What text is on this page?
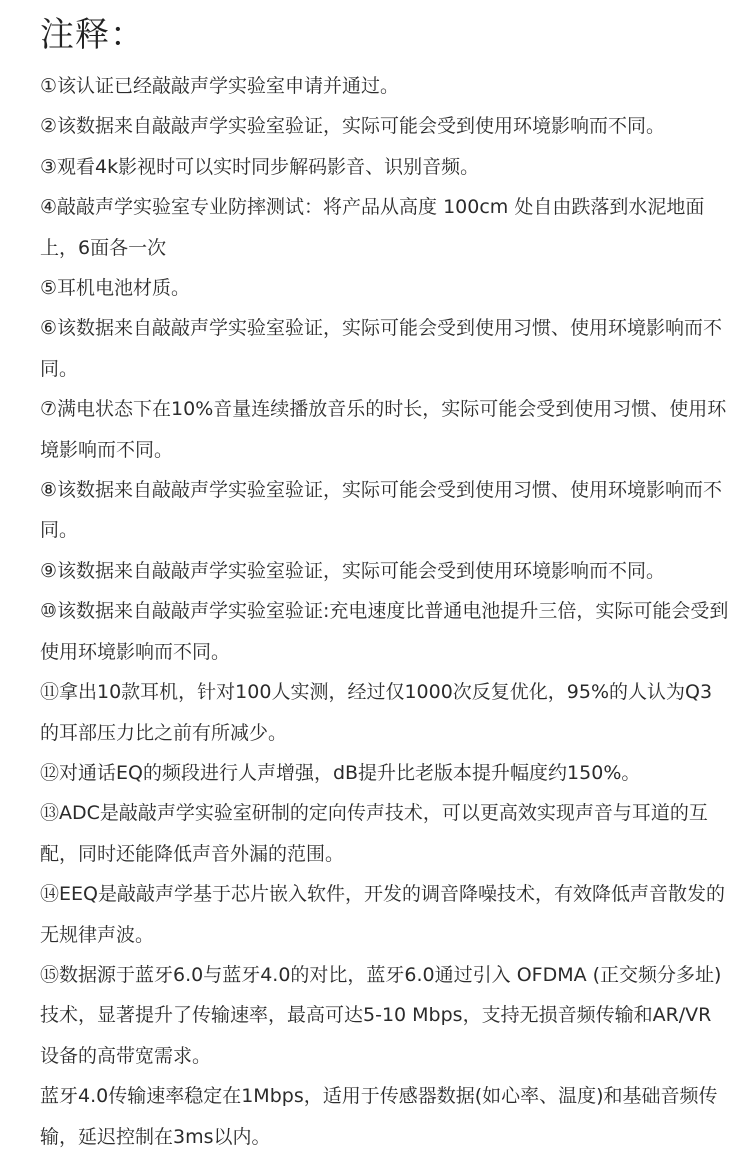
注释：
①该认证已经敲敲声学实验室申请并通过。
②该数据来自敲敲声学实验室验证，实际可能会受到使用环境影响而不同。
③观看4k影视时可以实时同步解码影音、识别音频。
④敲敲声学实验室专业防摔测试：将产品从高度 100cm 处自由跌落到水泥地面上，6面各一次
⑤耳机电池材质。
⑥该数据来自敲敲声学实验室验证，实际可能会受到使用习惯、使用环境影响而不同。
⑦满电状态下在10%音量连续播放音乐的时长，实际可能会受到使用习惯、使用环境影响而不同。
⑧该数据来自敲敲声学实验室验证，实际可能会受到使用习惯、使用环境影响而不同。
⑨该数据来自敲敲声学实验室验证，实际可能会受到使用环境影响而不同。
⑩该数据来自敲敲声学实验室验证:充电速度比普通电池提升三倍，实际可能会受到使用环境影响而不同。
⑪拿出10款耳机，针对100人实测，经过仅1000次反复优化，95%的人认为Q3的耳部压力比之前有所减少。
⑫对通话EQ的频段进行人声增强，dB提升比老版本提升幅度约150%。
⑬ADC是敲敲声学实验室研制的定向传声技术，可以更高效实现声音与耳道的互配，同时还能降低声音外漏的范围。
⑭EEQ是敲敲声学基于芯片嵌入软件，开发的调音降噪技术，有效降低声音散发的无规律声波。
⑮数据源于蓝牙6.0与蓝牙4.0的对比，蓝牙6.0通过引入 OFDMA (正交频分多址)技术，显著提升了传输速率，最高可达5-10 Mbps，支持无损音频传输和AR/VR设备的高带宽需求。
蓝牙4.0传输速率稳定在1Mbps，适用于传感器数据(如心率、温度)和基础音频传输，延迟控制在3ms以内。
